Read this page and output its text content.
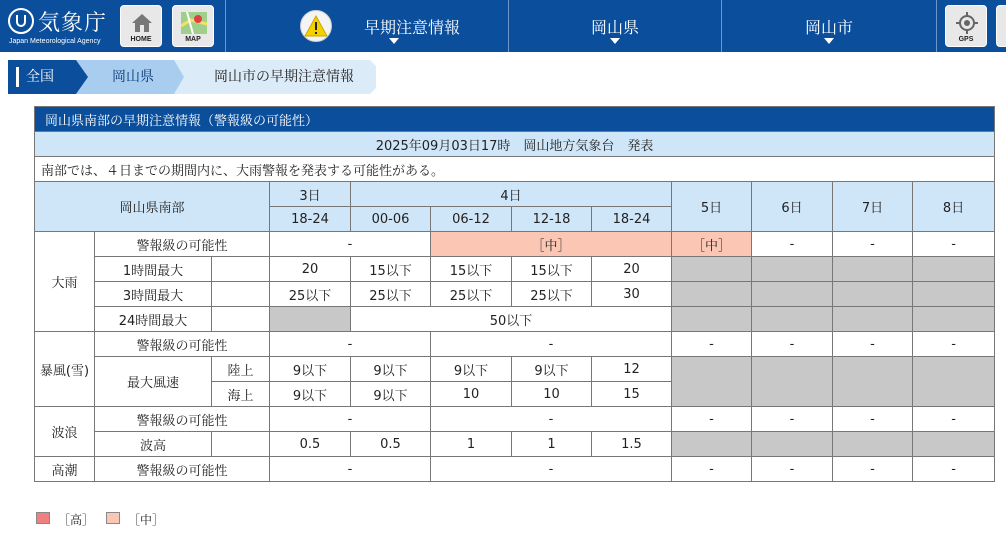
気象庁
Japan Meteorological Agency	HOME	MAP
早期注意情報	岡山県	岡山市
GPS
全国	岡山県	岡山市の早期注意情報
岡山県南部の早期注意情報（警報級の可能性）											
2025年09月03日17時　岡山地方気象台　発表											
南部では、４日までの期間内に、大雨警報を発表する可能性がある。											
岡山県南部			3日	4日				5日	6日	7日	8日
			18-24	00-06	06-12	12-18	18-24				
大雨	警報級の可能性		-		［中］			［中］	-	-	-
	1時間最大		20	15以下	15以下	15以下	20				
	3時間最大		25以下	25以下	25以下	25以下	30				
	24時間最大			50以下							
暴風(雪)	警報級の可能性		-		-			-	-	-	-
	最大風速	陸上	9以下	9以下	9以下	9以下	12				
		海上	9以下	9以下	10	10	15				
波浪	警報級の可能性		-		-			-	-	-	-
	波高		0.5	0.5	1	1	1.5				
高潮	警報級の可能性		-		-			-	-	-	-
［高］	［中］
